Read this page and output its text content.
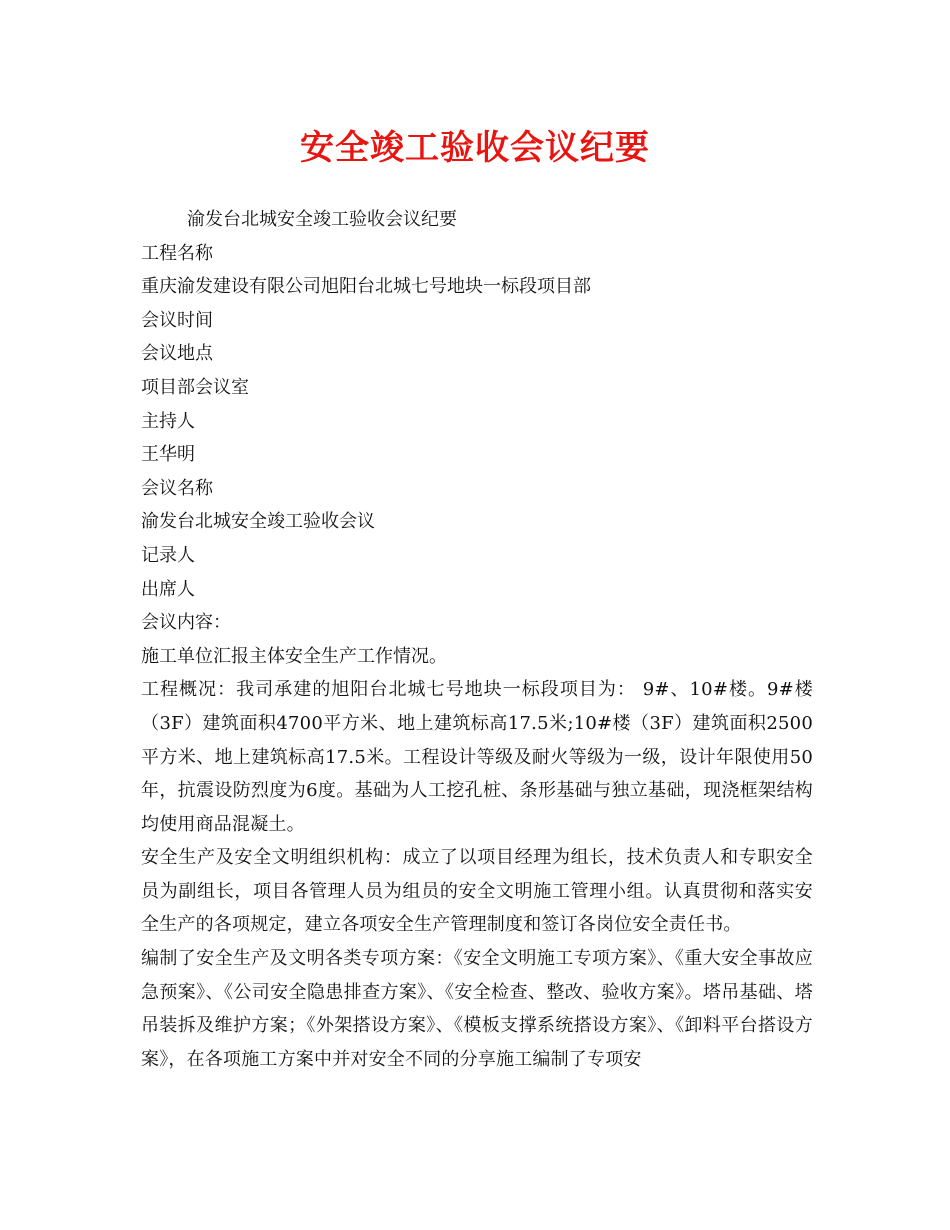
安全竣工验收会议纪要

渝发台北城安全竣工验收会议纪要

工程名称

重庆渝发建设有限公司旭阳台北城七号地块一标段项目部

会议时间

会议地点

项目部会议室

主持人

王华明

会议名称

渝发台北城安全竣工验收会议

记录人

出席人

会议内容：

施工单位汇报主体安全生产工作情况。

工程概况：我司承建的旭阳台北城七号地块一标段项目为： 9#、10#楼。9#楼（3F）建筑面积4700平方米、地上建筑标高17.5米;10#楼（3F）建筑面积2500平方米、地上建筑标高17.5米。工程设计等级及耐火等级为一级，设计年限使用50年，抗震设防烈度为6度。基础为人工挖孔桩、条形基础与独立基础，现浇框架结构均使用商品混凝土。

安全生产及安全文明组织机构：成立了以项目经理为组长，技术负责人和专职安全员为副组长，项目各管理人员为组员的安全文明施工管理小组。认真贯彻和落实安全生产的各项规定，建立各项安全生产管理制度和签订各岗位安全责任书。

编制了安全生产及文明各类专项方案：《安全文明施工专项方案》、《重大安全事故应急预案》、《公司安全隐患排查方案》、《安全检查、整改、验收方案》。塔吊基础、塔吊装拆及维护方案；《外架搭设方案》、《模板支撑系统搭设方案》、《卸料平台搭设方案》，在各项施工方案中并对安全不同的分享施工编制了专项安
